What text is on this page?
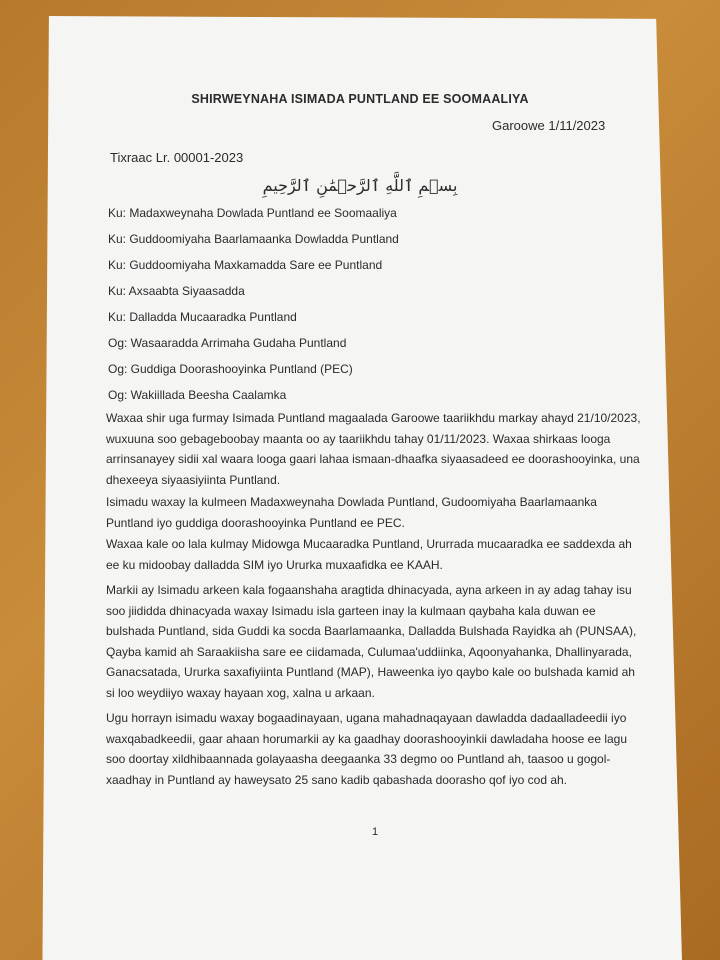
SHIRWEYNAHA ISIMADA PUNTLAND EE SOOMAALIYA
Garoowe 1/11/2023
Tixraac Lr. 00001-2023
بِسۡمِ ٱللَّهِ ٱلرَّحۡمَٰنِ ٱلرَّحِيمِ
Ku: Madaxweynaha Dowlada Puntland ee Soomaaliya
Ku: Guddoomiyaha Baarlamaanka Dowladda Puntland
Ku: Guddoomiyaha Maxkamadda Sare ee Puntland
Ku: Axsaabta Siyaasadda
Ku: Dalladda Mucaaradka Puntland
Og: Wasaaradda Arrimaha Gudaha Puntland
Og: Guddiga Doorashooyinka Puntland (PEC)
Og: Wakiillada Beesha Caalamka
Waxaa shir uga furmay Isimada Puntland magaalada Garoowe taariikhdu markay ahayd 21/10/2023, wuxuuna soo gebageboobay maanta oo ay taariikhdu tahay 01/11/2023. Waxaa shirkaas looga arrinsanayey sidii xal waara looga gaari lahaa ismaan-dhaafka siyaasadeed ee doorashooyinka, una dhexeeya siyaasiyiinta Puntland.
Isimadu waxay la kulmeen Madaxweynaha Dowlada Puntland, Gudoomiyaha Baarlamaanka Puntland iyo guddiga doorashooyinka Puntland ee PEC.
Waxaa kale oo lala kulmay Midowga Mucaaradka Puntland, Ururrada mucaaradka ee saddexda ah ee ku midoobay dalladda SIM iyo Ururka muxaafidka ee KAAH.
Markii ay Isimadu arkeen kala fogaanshaha aragtida dhinacyada, ayna arkeen in ay adag tahay isu soo jiididda dhinacyada waxay Isimadu isla garteen inay la kulmaan qaybaha kala duwan ee bulshada Puntland, sida Guddi ka socda Baarlamaanka, Dalladda Bulshada Rayidka ah (PUNSAA), Qayba kamid ah Saraakiisha sare ee ciidamada, Culumaa'uddiinka, Aqoonyahanka, Dhallinyarada, Ganacsatada, Ururka saxafiyiinta Puntland (MAP), Haweenka iyo qaybo kale oo bulshada kamid ah si loo weydiiyo waxay hayaan xog, xalna u arkaan.
Ugu horrayn isimadu waxay bogaadinayaan, ugana mahadnaqayaan dawladda dadaalladeedii iyo waxqabadkeedii, gaar ahaan horumarkii ay ka gaadhay doorashooyinkii dawladaha hoose ee lagu soo doortay xildhibaannada golayaasha deegaanka 33 degmo oo Puntland ah, taasoo u gogol-xaadhay in Puntland ay haweysato 25 sano kadib qabashada doorasho qof iyo cod ah.
1
